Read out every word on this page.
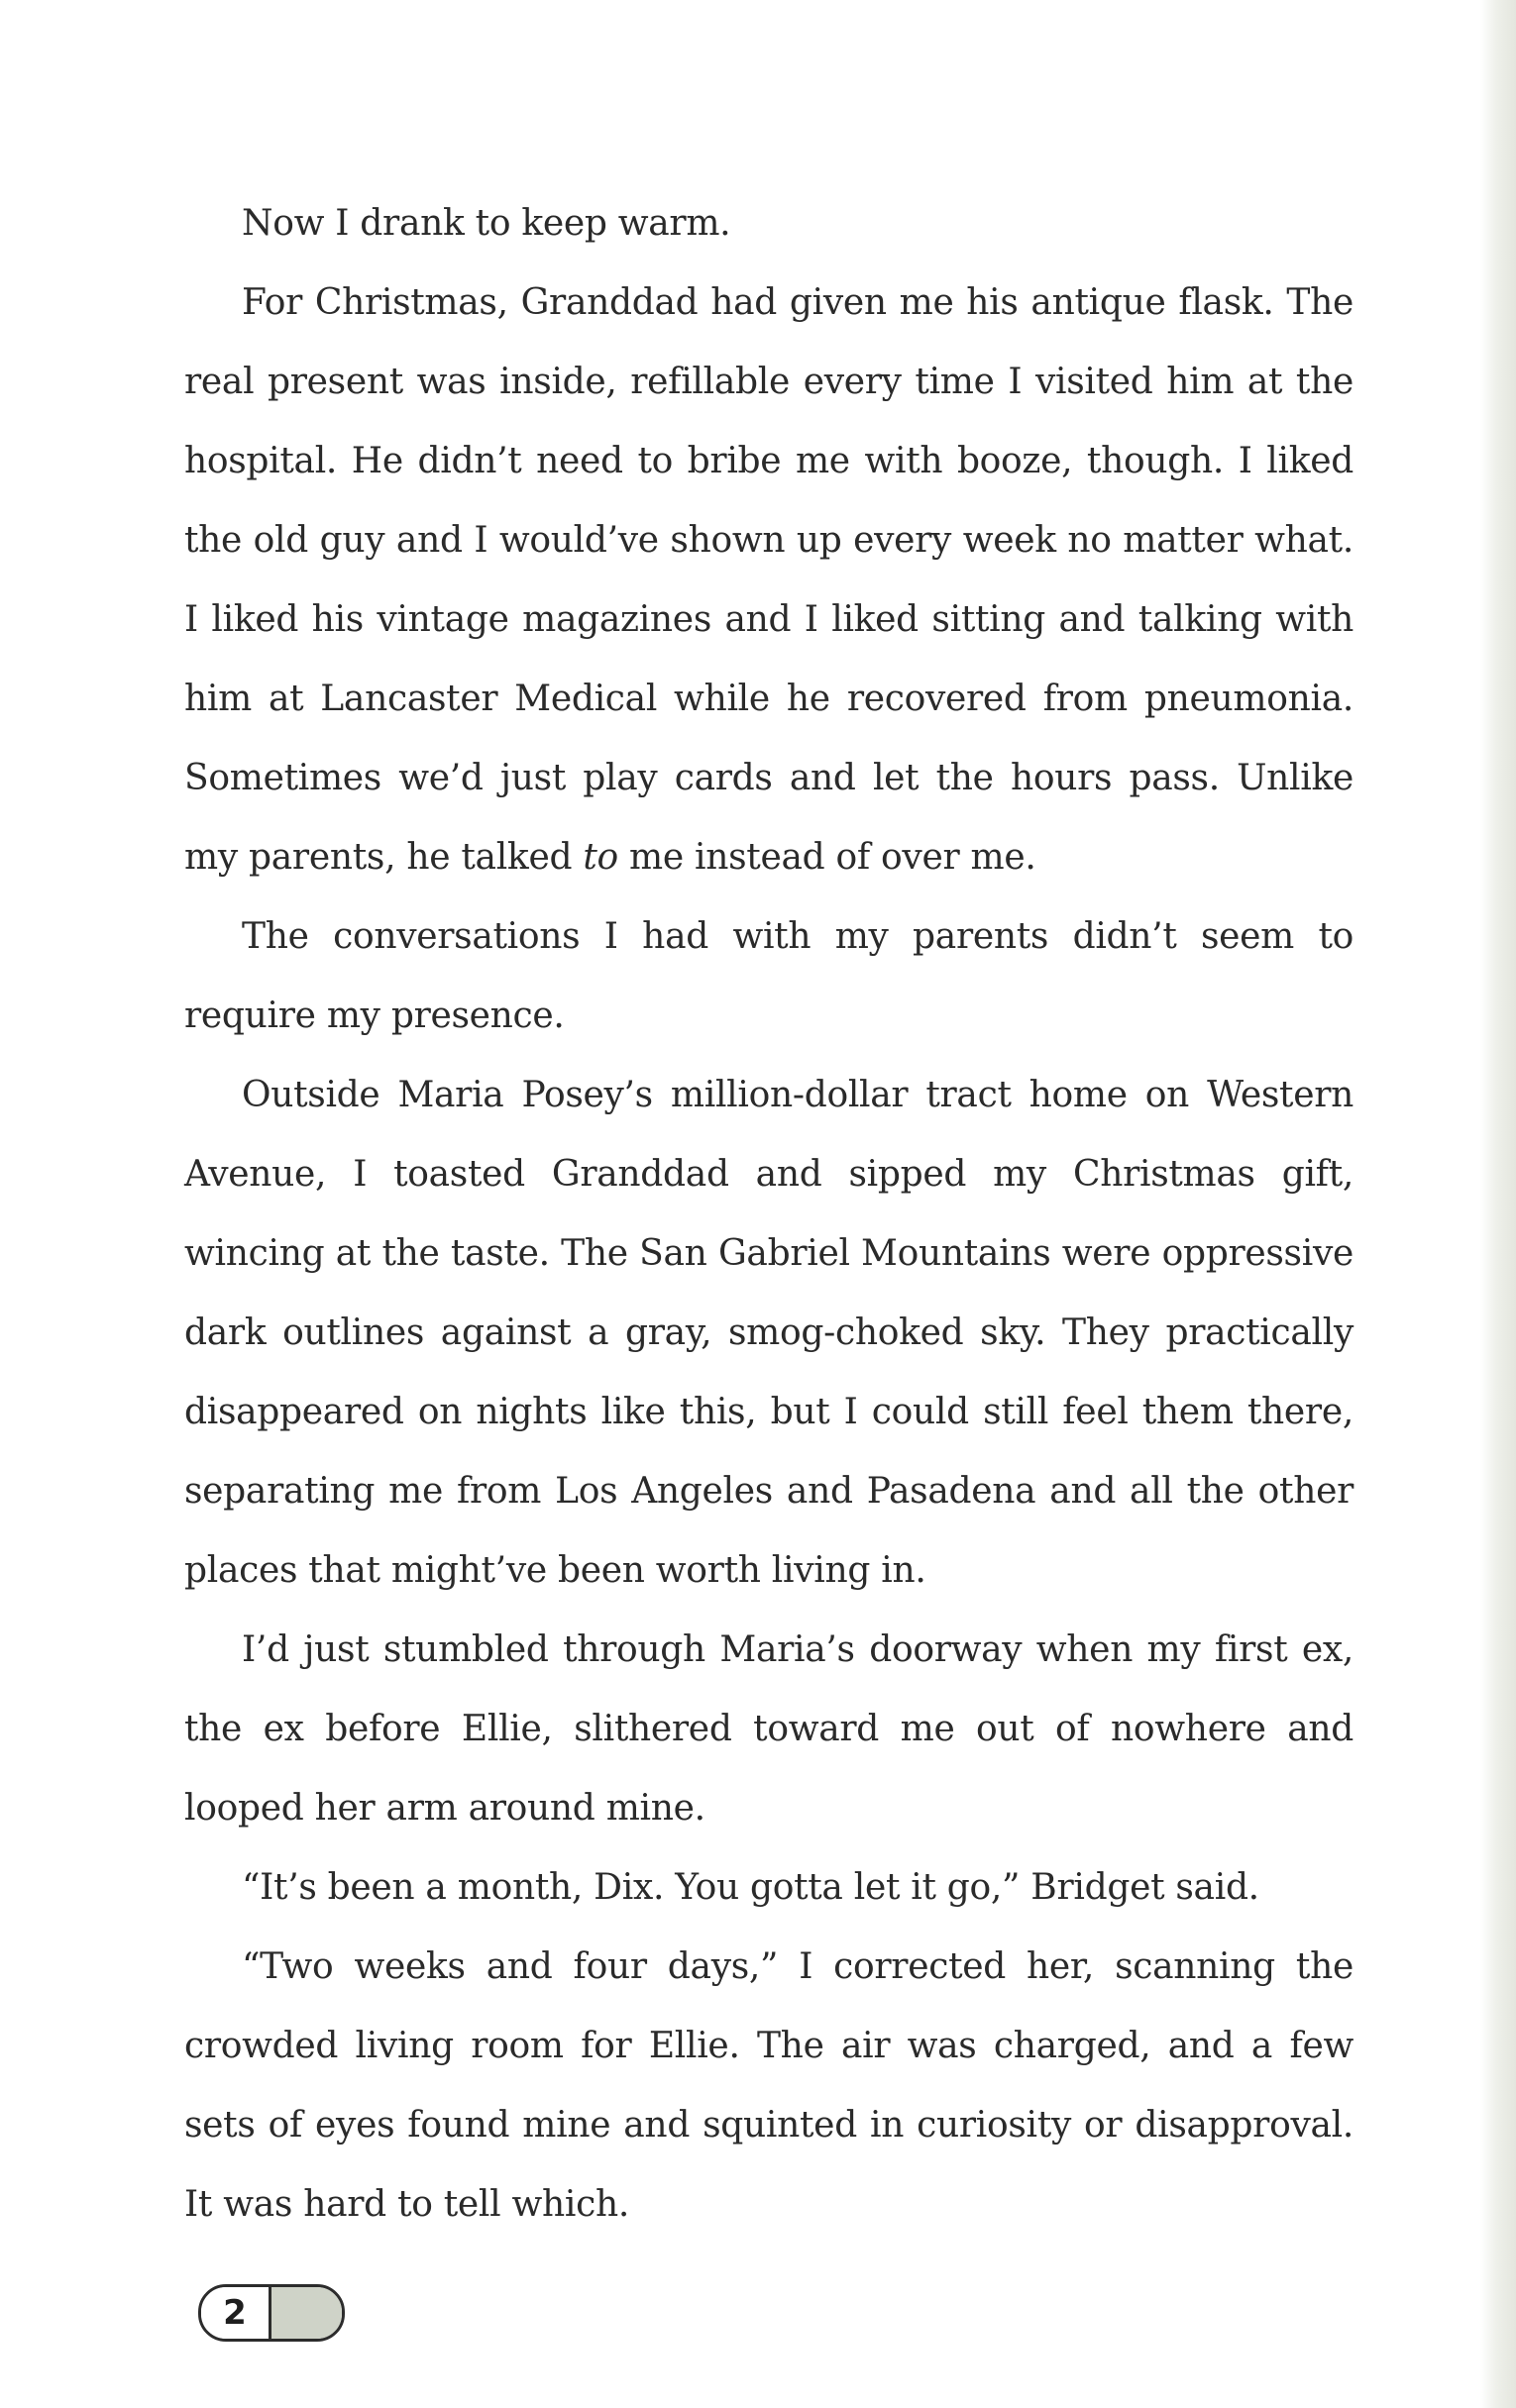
Now I drank to keep warm.

For Christmas, Granddad had given me his antique flask. The real present was inside, refillable every time I visited him at the hospital. He didn’t need to bribe me with booze, though. I liked the old guy and I would’ve shown up every week no matter what. I liked his vintage magazines and I liked sitting and talking with him at Lancaster Medical while he recovered from pneumonia. Sometimes we’d just play cards and let the hours pass. Unlike my parents, he talked to me instead of over me.

The conversations I had with my parents didn’t seem to require my presence.

Outside Maria Posey’s million-dollar tract home on Western Avenue, I toasted Granddad and sipped my Christmas gift, wincing at the taste. The San Gabriel Mountains were oppressive dark outlines against a gray, smog-choked sky. They practically disappeared on nights like this, but I could still feel them there, separating me from Los Angeles and Pasadena and all the other places that might’ve been worth living in.

I’d just stumbled through Maria’s doorway when my first ex, the ex before Ellie, slithered toward me out of nowhere and looped her arm around mine.

“It’s been a month, Dix. You gotta let it go,” Bridget said.

“Two weeks and four days,” I corrected her, scanning the crowded living room for Ellie. The air was charged, and a few sets of eyes found mine and squinted in curiosity or disapproval. It was hard to tell which.

2
